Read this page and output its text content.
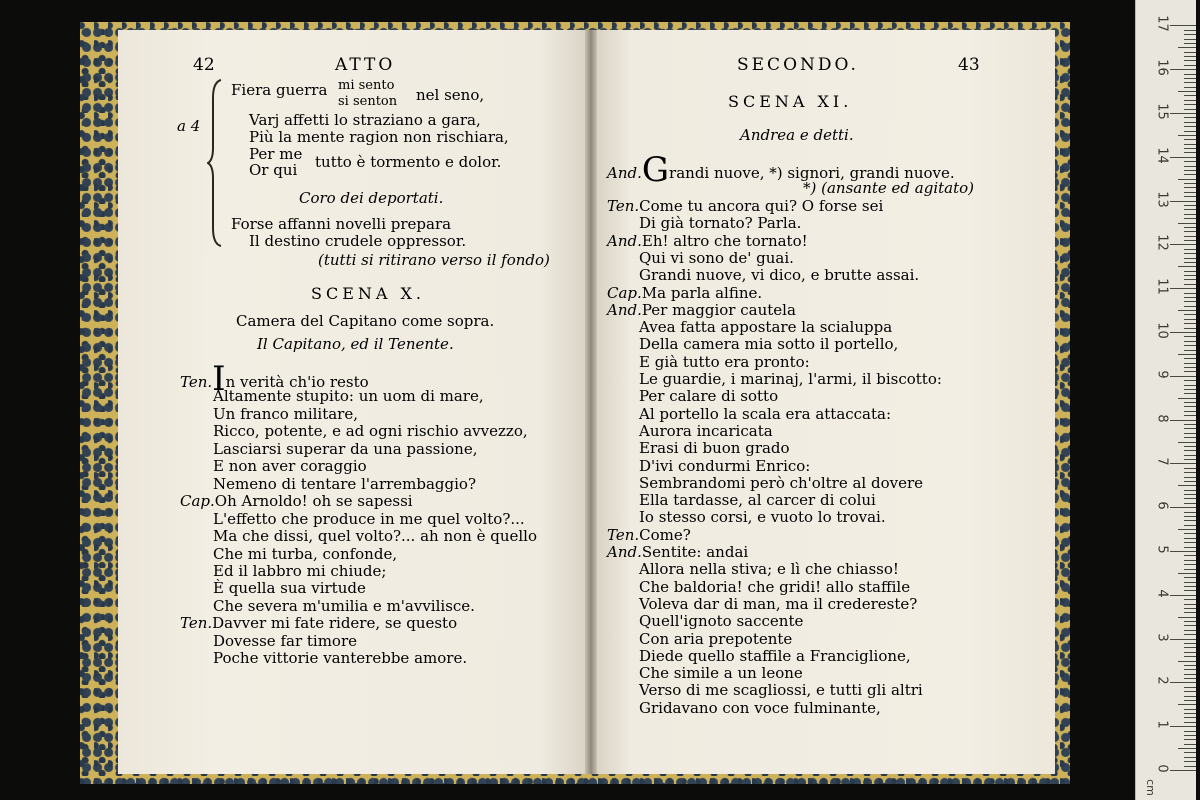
42	ATTO
a 4
Fiera guerra mi sento
si senton nel seno,
Varj affetti lo straziano a gara,
Più la mente ragion non rischiara,
Per me
Or qui tutto è tormento e dolor.
Coro dei deportati.
Forse affanni novelli prepara
Il destino crudele oppressor.
(tutti si ritirano verso il fondo)
SCENA X.
Camera del Capitano come sopra.
Il Capitano, ed il Tenente.
Ten.In verità ch'io resto
Altamente stupito: un uom di mare,
Un franco militare,
Ricco, potente, e ad ogni rischio avvezzo,
Lasciarsi superar da una passione,
E non aver coraggio
Nemeno di tentare l'arrembaggio?
Cap.Oh Arnoldo! oh se sapessi
L'effetto che produce in me quel volto?...
Ma che dissi, quel volto?... ah non è quello
Che mi turba, confonde,
Ed il labbro mi chiude;
È quella sua virtude
Che severa m'umilia e m'avvilisce.
Ten.Davver mi fate ridere, se questo
Dovesse far timore
Poche vittorie vanterebbe amore.
SECONDO.	43
SCENA XI.
Andrea e detti.
And.Grandi nuove, *) signori, grandi nuove.
*) (ansante ed agitato)
Ten.Come tu ancora qui? O forse sei
Di già tornato? Parla.
And.Eh! altro che tornato!
Qui vi sono de' guai.
Grandi nuove, vi dico, e brutte assai.
Cap.Ma parla alfine.
And.Per maggior cautela
Avea fatta appostare la scialuppa
Della camera mia sotto il portello,
E già tutto era pronto:
Le guardie, i marinaj, l'armi, il biscotto:
Per calare di sotto
Al portello la scala era attaccata:
Aurora incaricata
Erasi di buon grado
D'ivi condurmi Enrico:
Sembrandomi però ch'oltre al dovere
Ella tardasse, al carcer di colui
Io stesso corsi, e vuoto lo trovai.
Ten.Come?
And.Sentite: andai
Allora nella stiva; e lì che chiasso!
Che baldoria! che gridi! allo staffile
Voleva dar di man, ma il credereste?
Quell'ignoto saccente
Con aria prepotente
Diede quello staffile a Franciglione,
Che simile a un leone
Verso di me scagliossi, e tutti gli altri
Gridavano con voce fulminante,
cm
0
1
2
3
4
5
6
7
8
9
10
11
12
13
14
15
16
17
